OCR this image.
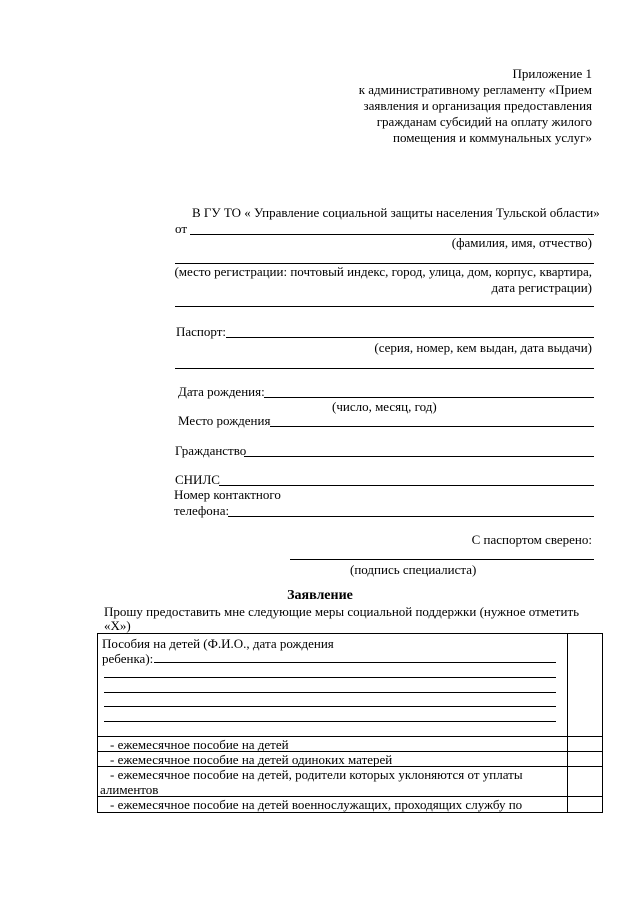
Приложение 1
к административному регламенту «Прием
заявления и организация предоставления
гражданам субсидий на оплату жилого
помещения и коммунальных услуг»
В ГУ ТО « Управление социальной защиты населения Тульской области»
от
(фамилия, имя, отчество)
(место регистрации: почтовый индекс, город, улица, дом, корпус, квартира,
дата регистрации)
Паспорт:
(серия, номер, кем выдан, дата выдачи)
Дата рождения:
(число, месяц, год)
Место рождения
Гражданство
СНИЛС
Номер контактного
телефона:
С паспортом сверено:
(подпись специалиста)
Заявление
Прошу предоставить мне следующие меры социальной поддержки (нужное отметить
«Х»)
Пособия на детей (Ф.И.О., дата рождения
ребенка):
- ежемесячное пособие на детей
- ежемесячное пособие на детей одиноких матерей
- ежемесячное пособие на детей, родители которых уклоняются от уплаты
алиментов
- ежемесячное пособие на детей военнослужащих, проходящих службу по
